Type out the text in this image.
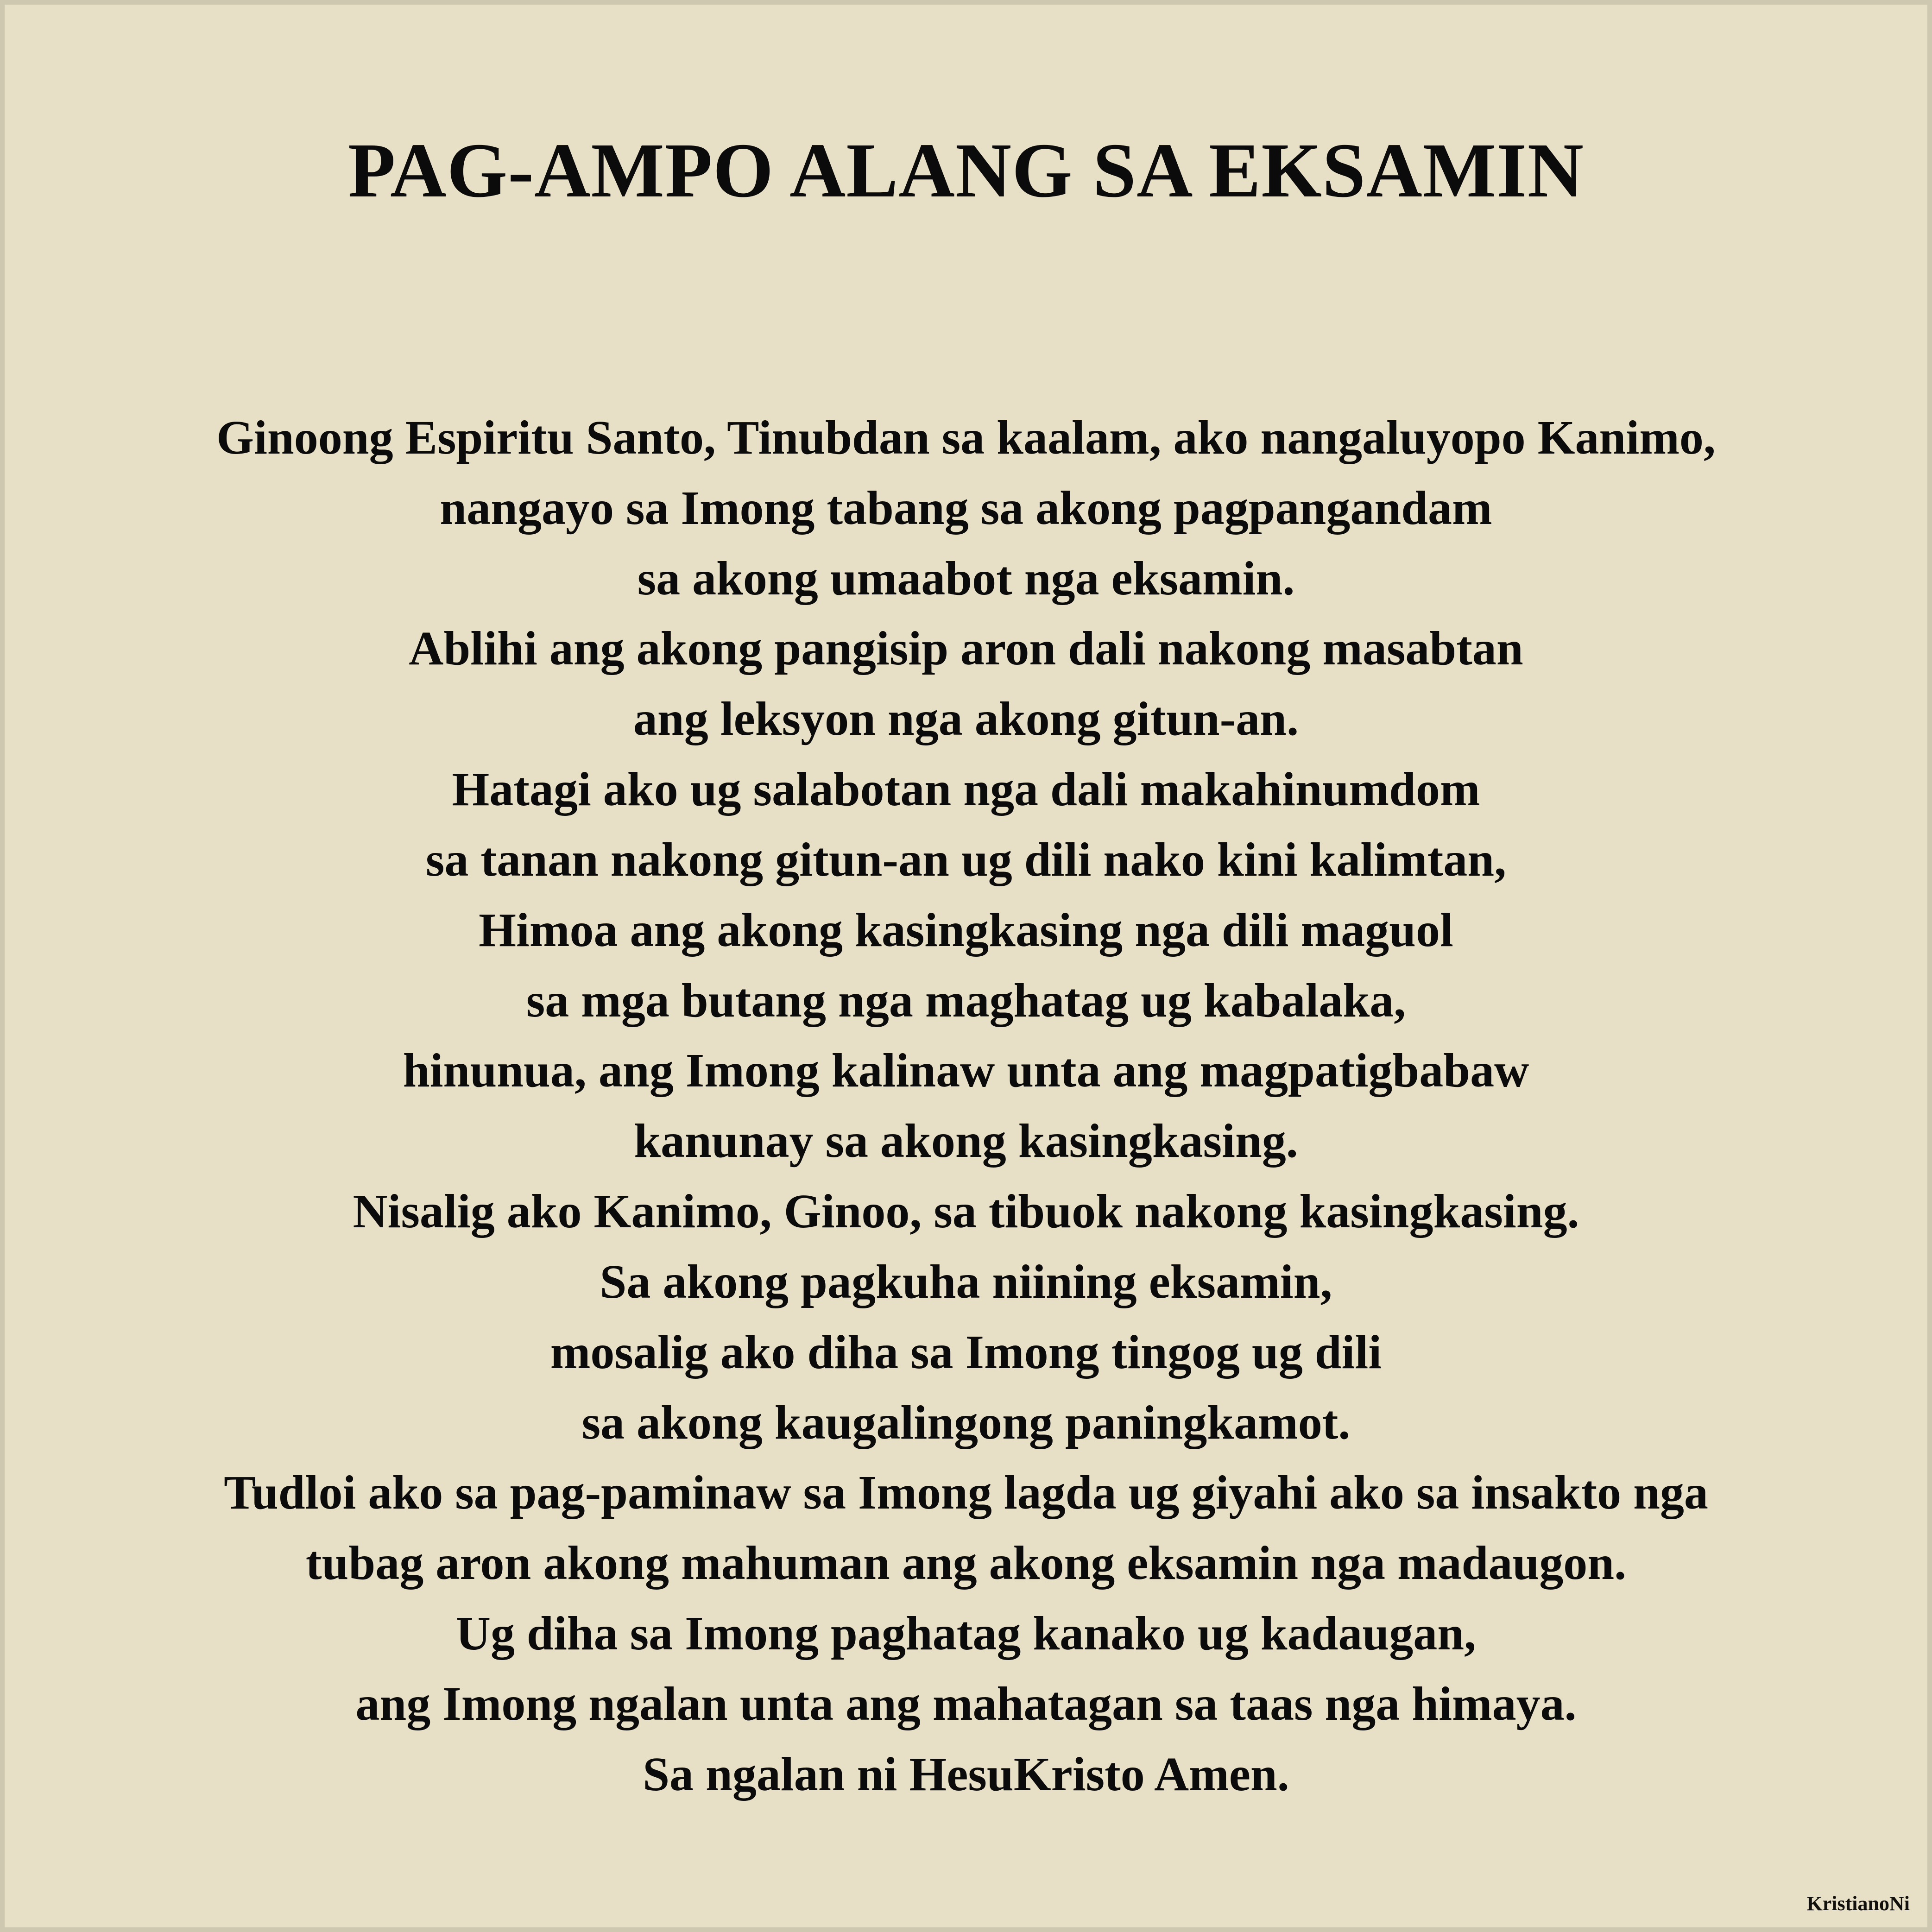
PAG-AMPO ALANG SA EKSAMIN
Ginoong Espiritu Santo, Tinubdan sa kaalam, ako nangaluyopo Kanimo,
nangayo sa Imong tabang sa akong pagpangandam
sa akong umaabot nga eksamin.
Ablihi ang akong pangisip aron dali nakong masabtan
ang leksyon nga akong gitun-an.
Hatagi ako ug salabotan nga dali makahinumdom
sa tanan nakong gitun-an ug dili nako kini kalimtan,
Himoa ang akong kasingkasing nga dili maguol
sa mga butang nga maghatag ug kabalaka,
hinunua, ang Imong kalinaw unta ang magpatigbabaw
kanunay sa akong kasingkasing.
Nisalig ako Kanimo, Ginoo, sa tibuok nakong kasingkasing.
Sa akong pagkuha niining eksamin,
mosalig ako diha sa Imong tingog ug dili
sa akong kaugalingong paningkamot.
Tudloi ako sa pag-paminaw sa Imong lagda ug giyahi ako sa insakto nga
tubag aron akong mahuman ang akong eksamin nga madaugon.
Ug diha sa Imong paghatag kanako ug kadaugan,
ang Imong ngalan unta ang mahatagan sa taas nga himaya.
Sa ngalan ni HesuKristo Amen.
KristianoNi
